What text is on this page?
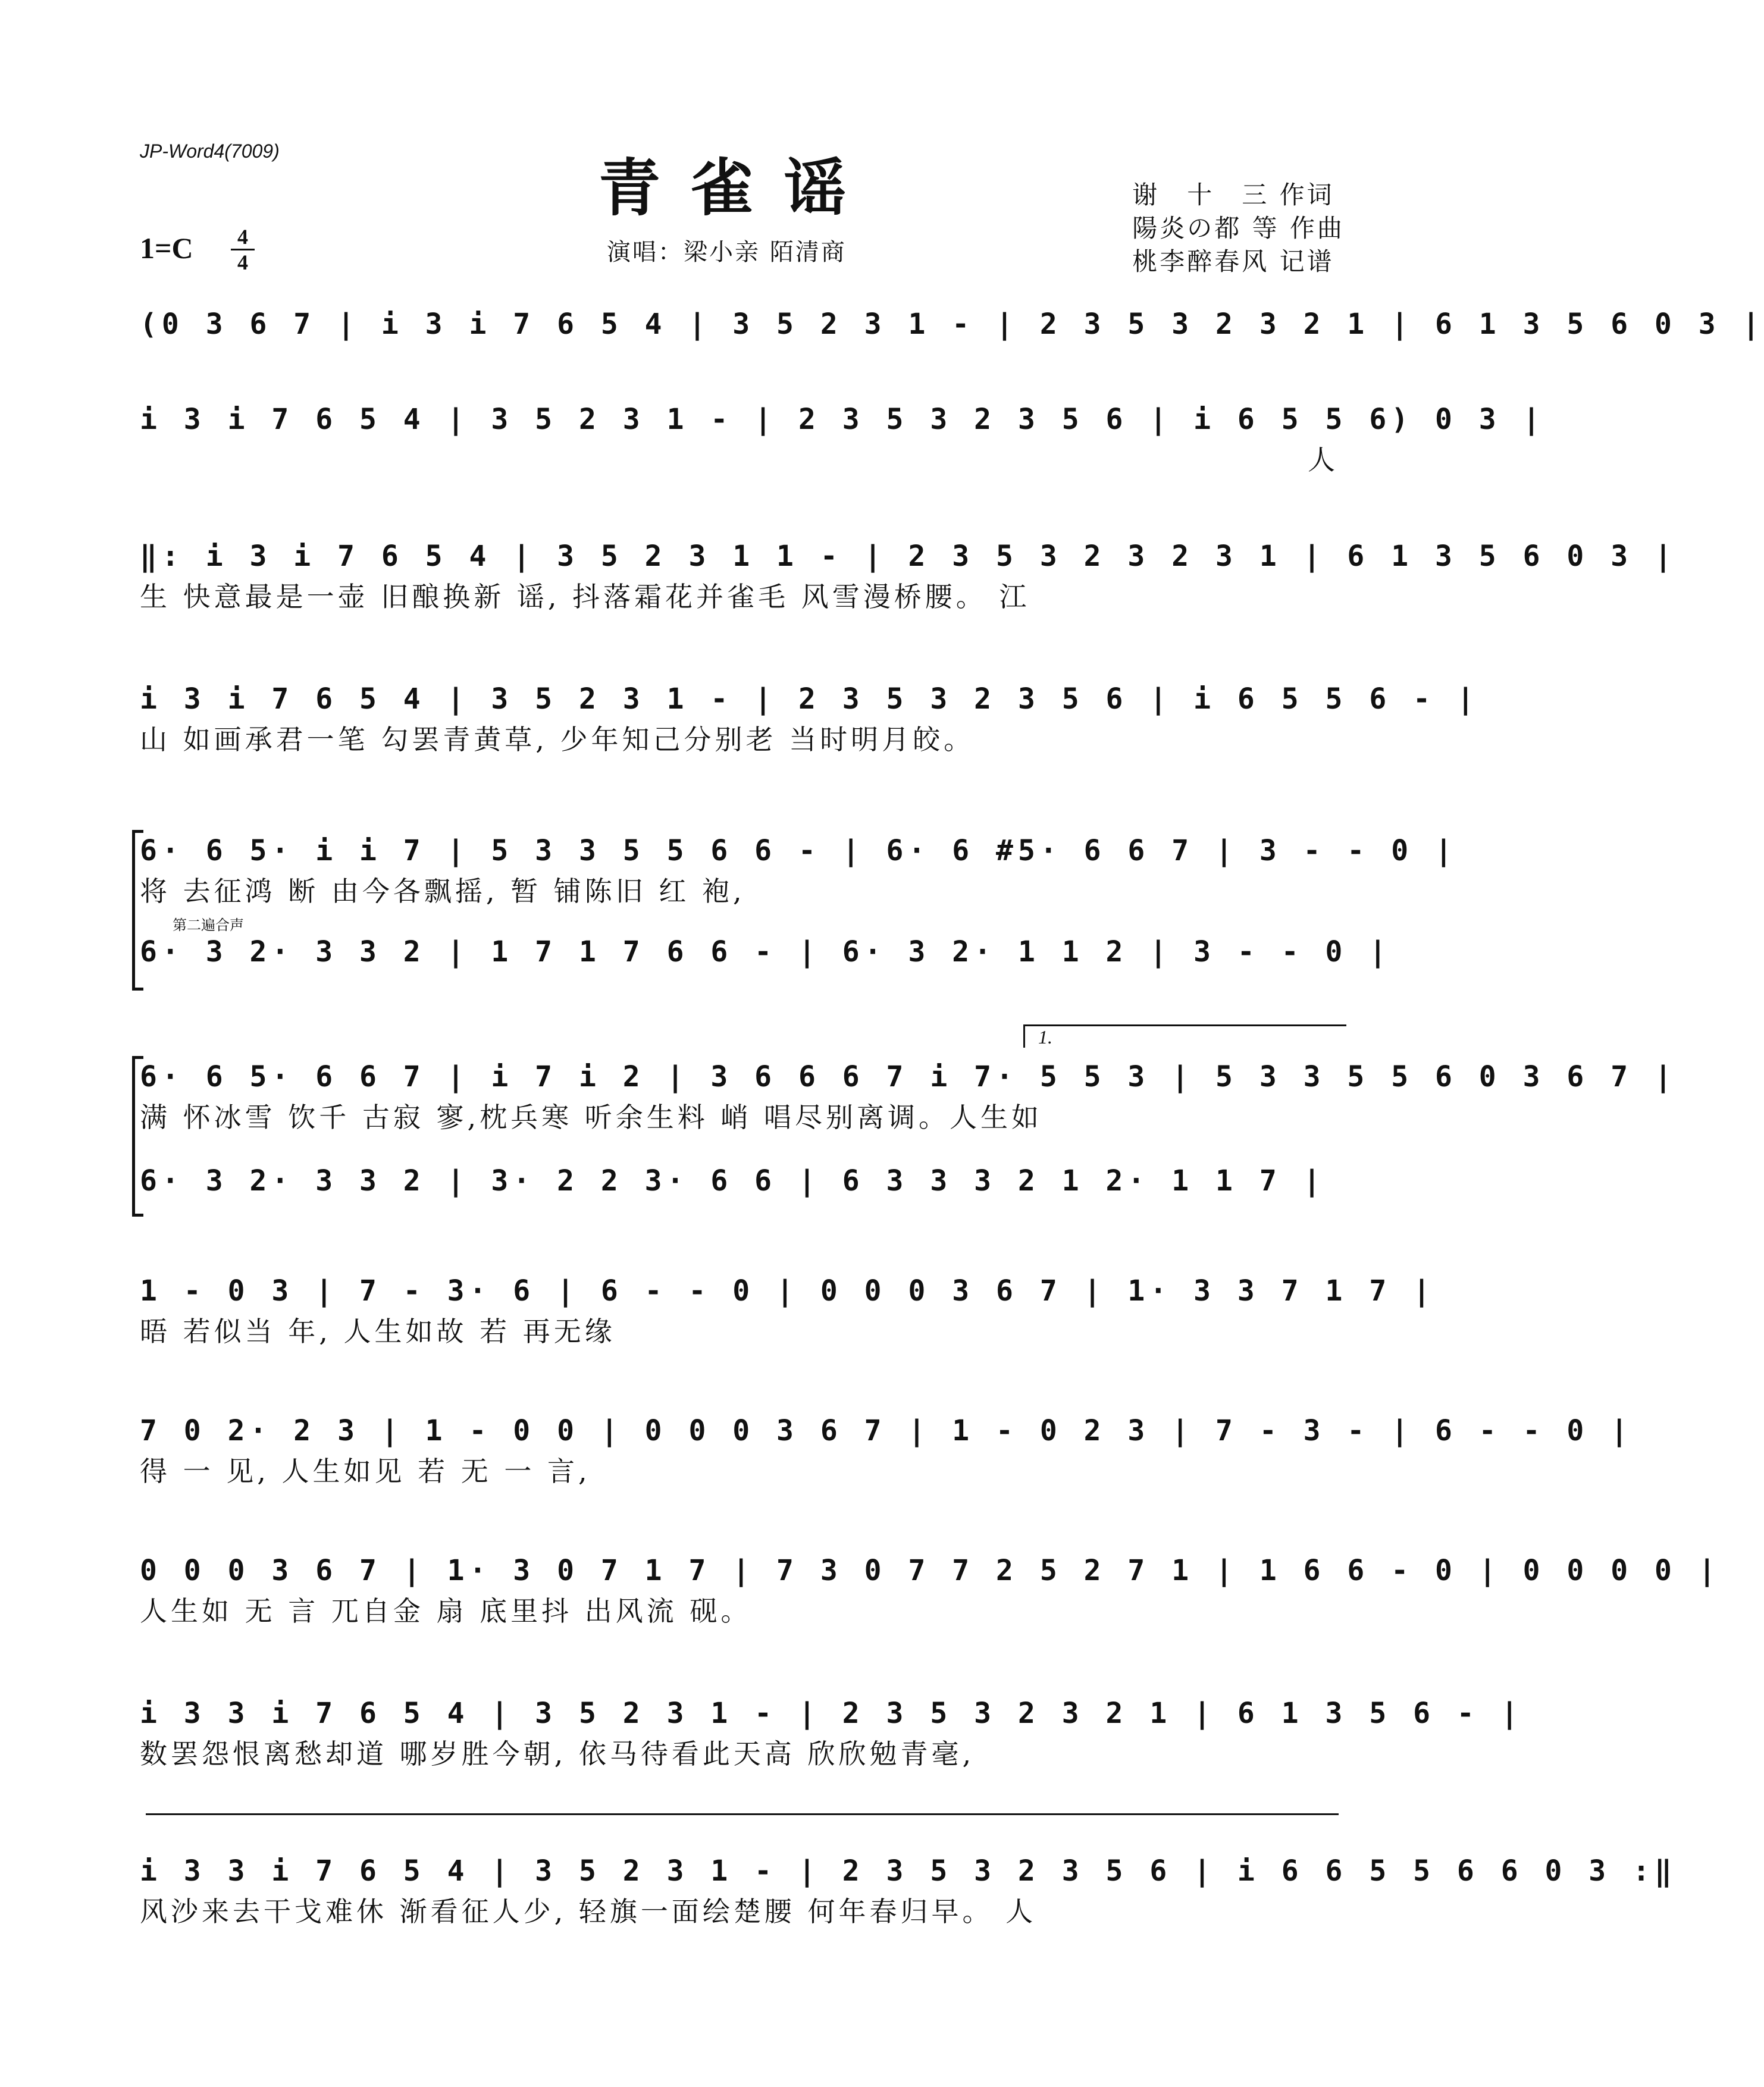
JP-Word4(7009)	青雀谣
1=C	4
4	演唱：梁小亲 陌清商
谢　十　三 作词
陽炎の都 等 作曲
桃李醉春风 记谱
(0 3 6 7 | i 3 i 7 6 5 4 | 3 5 2 3 1 - | 2 3 5 3 2 3 2 1 | 6 1 3 5 6 0 3 |
i 3 i 7 6 5 4 | 3 5 2 3 1 - | 2 3 5 3 2 3 5 6 | i 6 5 5 6) 0 3 |
人
‖: i 3 i 7 6 5 4 | 3 5 2 3 1 1 - | 2 3 5 3 2 3 2 3 1 | 6 1 3 5 6 0 3 |
生 快意最是一壶 旧酿换新 谣, 抖落霜花并雀毛 风雪漫桥腰。 江
i 3 i 7 6 5 4 | 3 5 2 3 1 - | 2 3 5 3 2 3 5 6 | i 6 5 5 6 - |
山 如画承君一笔 勾罢青黄草, 少年知己分别老 当时明月皎。
6· 6 5· i i 7 | 5 3 3 5 5 6 6 - | 6· 6 #5· 6 6 7 | 3 - - 0 |
将 去征鸿 断 由今各飘摇, 暂 铺陈旧 红 袍,
第二遍合声
6· 3 2· 3 3 2 | 1 7 1 7 6 6 - | 6· 3 2· 1 1 2 | 3 - - 0 |
1.
6· 6 5· 6 6 7 | i 7 i 2 | 3 6 6 6 7 i 7· 5 5 3 | 5 3 3 5 5 6 0 3 6 7 |
满 怀冰雪 饮千 古寂 寥,枕兵寒 听余生料 峭 唱尽别离调。人生如
6· 3 2· 3 3 2 | 3· 2 2 3· 6 6 | 6 3 3 3 2 1 2· 1 1 7 |
1 - 0 3 | 7 - 3· 6 | 6 - - 0 | 0 0 0 3 6 7 | 1· 3 3 7 1 7 |
晤 若似当 年, 人生如故 若 再无缘
7 0 2· 2 3 | 1 - 0 0 | 0 0 0 3 6 7 | 1 - 0 2 3 | 7 - 3 - | 6 - - 0 |
得 一 见, 人生如见 若 无 一 言,
0 0 0 3 6 7 | 1· 3 0 7 1 7 | 7 3 0 7 7 2 5 2 7 1 | 1 6 6 - 0 | 0 0 0 0 |
人生如 无 言 兀自金 扇 底里抖 出风流 砚。
i 3 3 i 7 6 5 4 | 3 5 2 3 1 - | 2 3 5 3 2 3 2 1 | 6 1 3 5 6 - |
数罢怨恨离愁却道 哪岁胜今朝, 依马待看此天高 欣欣勉青毫,
i 3 3 i 7 6 5 4 | 3 5 2 3 1 - | 2 3 5 3 2 3 5 6 | i 6 6 5 5 6 6 0 3 :‖
风沙来去干戈难休 渐看征人少, 轻旗一面绘楚腰 何年春归早。 人
